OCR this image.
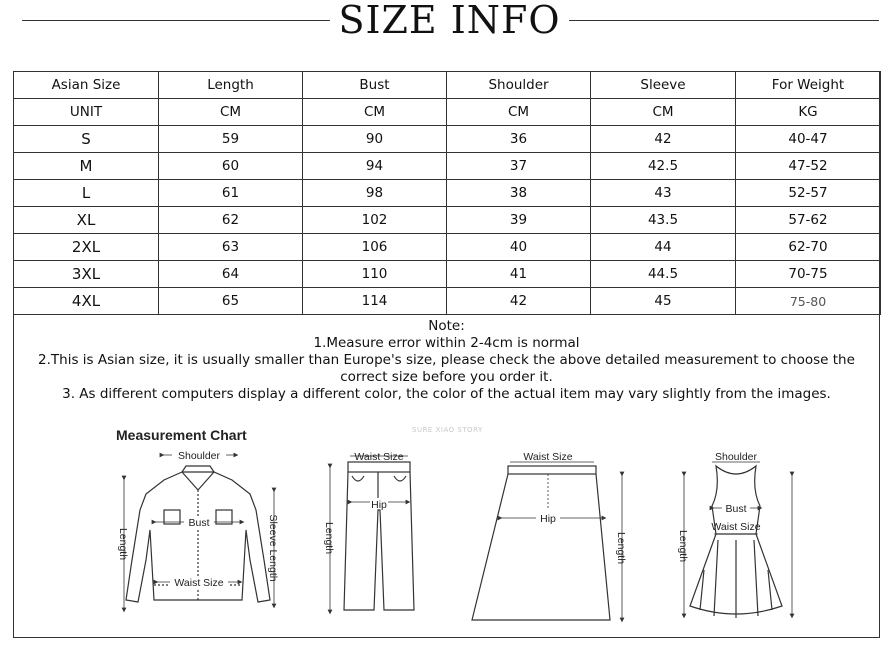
SIZE INFO
Asian Size	Length	Bust	Shoulder	Sleeve	For Weight
UNIT	CM	CM	CM	CM	KG
S	59	90	36	42	40-47
M	60	94	37	42.5	47-52
L	61	98	38	43	52-57
XL	62	102	39	43.5	57-62
2XL	63	106	40	44	62-70
3XL	64	110	41	44.5	70-75
4XL	65	114	42	45	75-80
Note:
1.Measure error within 2-4cm is normal
2.This is Asian size, it is usually smaller than Europe's size, please check the above detailed measurement to choose the correct size before you order it.
3. As different computers display a different color, the color of the actual item may vary slightly from the images.
Measurement Chart	SURE XIAO STORY
Shoulder
Bust
Waist Size
Length	Sleeve Length
Waist Size
Hip
Length
Waist Size
Hip
Length
Shoulder
Bust
Waist Size
Length
